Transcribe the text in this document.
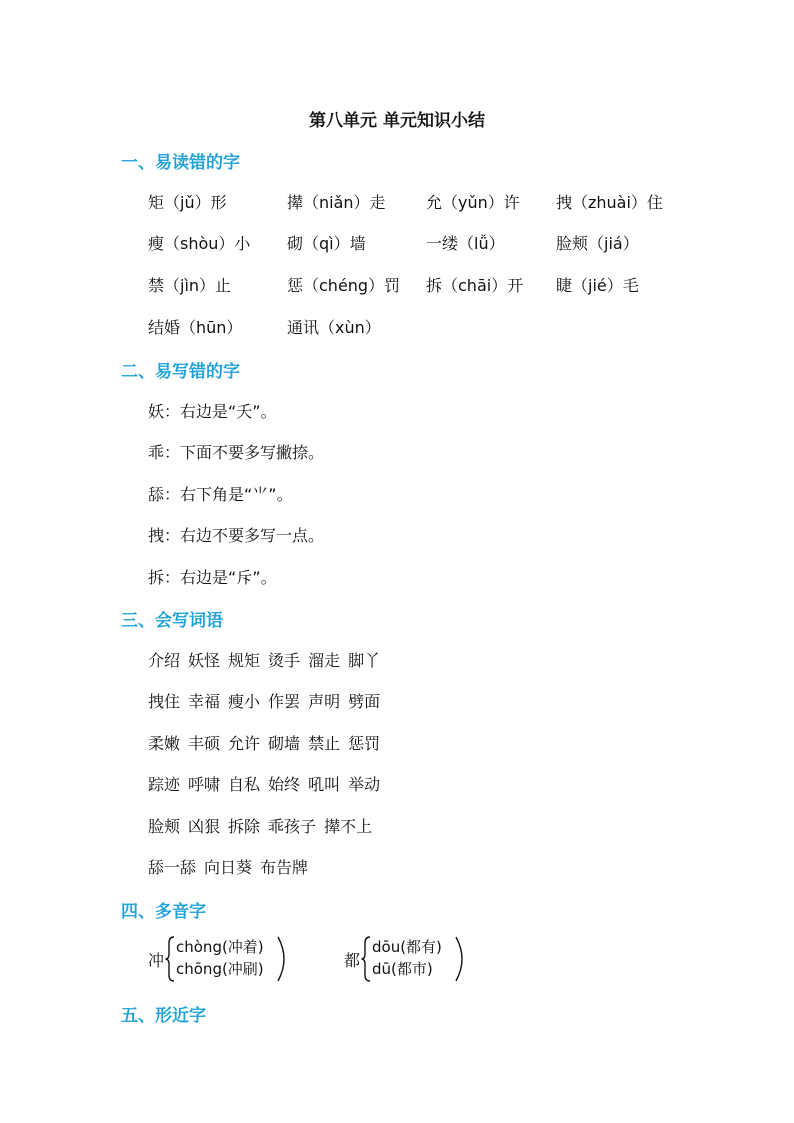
第八单元 单元知识小结
一、易读错的字
矩（jǔ）形	撵（niǎn）走	允（yǔn）许 拽（zhuài）住
瘦（shòu）小 砌（qì）墙	一缕（lǚ）	脸颊（jiá）
禁（jìn）止	惩（chéng）罚 拆（chāi）开 睫（jié）毛
结婚（hūn）	通讯（xùn）
二、易写错的字
妖：右边是“夭”。
乖：下面不要多写撇捺。
舔：右下角是“⺌”。
拽：右边不要多写一点。
拆：右边是“斥”。
三、会写词语
介绍 妖怪 规矩 烫手 溜走 脚丫
拽住 幸福 瘦小 作罢 声明 劈面
柔嫩 丰硕 允许 砌墙 禁止 惩罚
踪迹 呼啸 自私 始终 吼叫 举动
脸颊 凶狠 拆除 乖孩子 撵不上
舔一舔 向日葵 布告牌
四、多音字
冲
chòng(冲着)
chōng(冲刷)	都
dōu(都有)
dū(都市)
五、形近字
